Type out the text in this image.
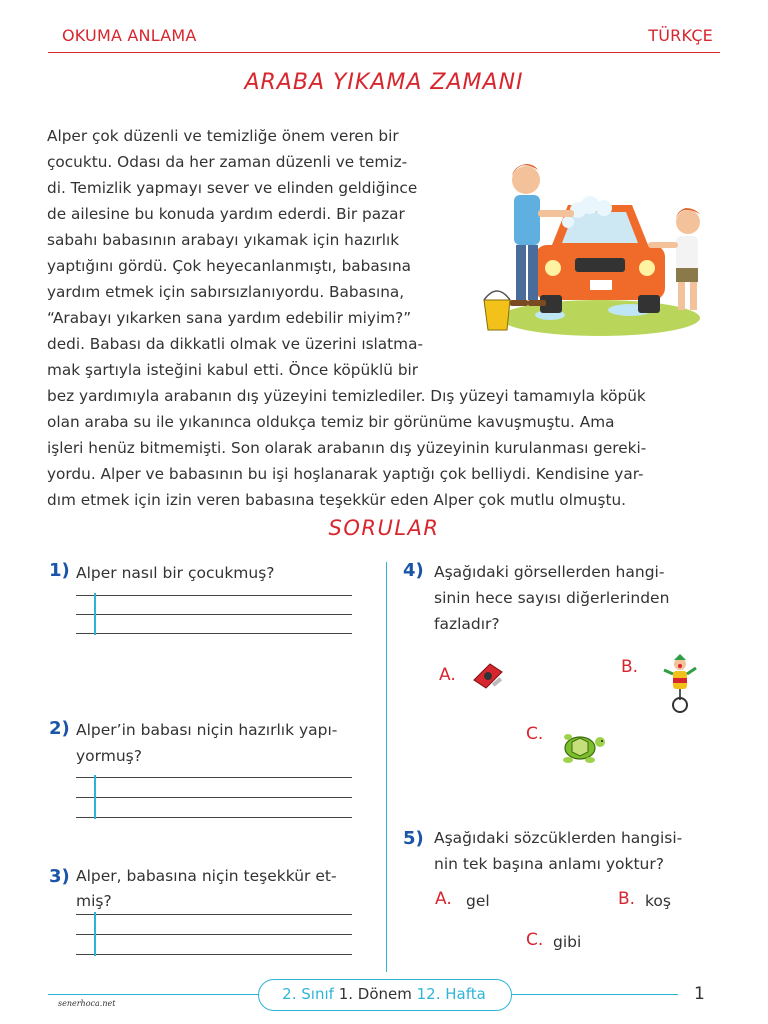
OKUMA ANLAMA	TÜRKÇE
ARABA YIKAMA ZAMANI
Alper çok düzenli ve temizliğe önem veren bir
çocuktu. Odası da her zaman düzenli ve temiz-
di. Temizlik yapmayı sever ve elinden geldiğince
de ailesine bu konuda yardım ederdi. Bir pazar
sabahı babasının arabayı yıkamak için hazırlık
yaptığını gördü. Çok heyecanlanmıştı, babasına
yardım etmek için sabırsızlanıyordu. Babasına,
“Arabayı yıkarken sana yardım edebilir miyim?”
dedi. Babası da dikkatli olmak ve üzerini ıslatma-
mak şartıyla isteğini kabul etti. Önce köpüklü bir
bez yardımıyla arabanın dış yüzeyini temizlediler. Dış yüzeyi tamamıyla köpük
olan araba su ile yıkanınca oldukça temiz bir görünüme kavuşmuştu. Ama
işleri henüz bitmemişti. Son olarak arabanın dış yüzeyinin kurulanması gereki-
yordu. Alper ve babasının bu işi hoşlanarak yaptığı çok belliydi. Kendisine yar-
dım etmek için izin veren babasına teşekkür eden Alper çok mutlu olmuştu.
SORULAR
1) Alper nasıl bir çocukmuş?
2) Alper’in babası niçin hazırlık yapı-
yormuş?
3) Alper, babasına niçin teşekkür et-
miş?
4) Aşağıdaki görsellerden hangi-
sinin hece sayısı diğerlerinden
fazladır?
A.	B.
C.
5) Aşağıdaki sözcüklerden hangisi-
nin tek başına anlamı yoktur?
A. gel	B. koş
C. gibi
2. Sınıf 1. Dönem 12. Hafta
senerhoca.net	1
